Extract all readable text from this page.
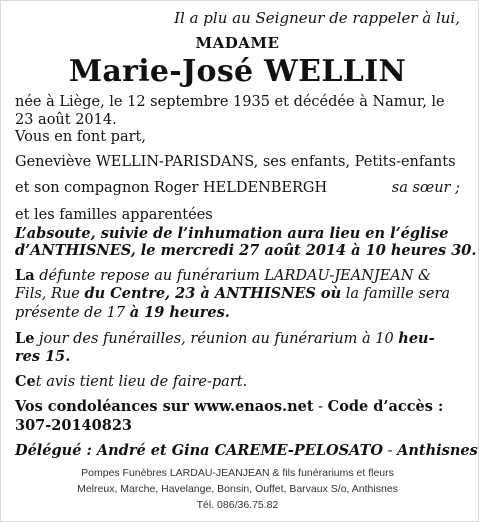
Il a plu au Seigneur de rappeler à lui,
MADAME
Marie-José WELLIN
née à Liège, le 12 septembre 1935 et décédée à Namur, le
23 août 2014.
Vous en font part,
Geneviève WELLIN-PARISDANS, ses enfants, Petits-enfants
et son compagnon Roger HELDENBERGH	sa sœur ;
et les familles apparentées
L’absoute, suivie de l’inhumation aura lieu en l’église
d’ANTHISNES, le mercredi 27 août 2014 à 10 heures 30.
La défunte repose au funérarium LARDAU-JEANJEAN &
Fils, Rue du Centre, 23 à ANTHISNES où la famille sera
présente de 17 à 19 heures.
Le jour des funérailles, réunion au funérarium à 10 heu-
res 15.
Cet avis tient lieu de faire-part.
Vos condoléances sur www.enaos.net - Code d’accès :
307-20140823
Délégué : André et Gina CAREME-PELOSATO - Anthisnes
Pompes Funèbres LARDAU-JEANJEAN & fils funérariums et fleurs
Melreux, Marche, Havelange, Bonsin, Ouffet, Barvaux S/o, Anthisnes
Tél. 086/36.75.82
